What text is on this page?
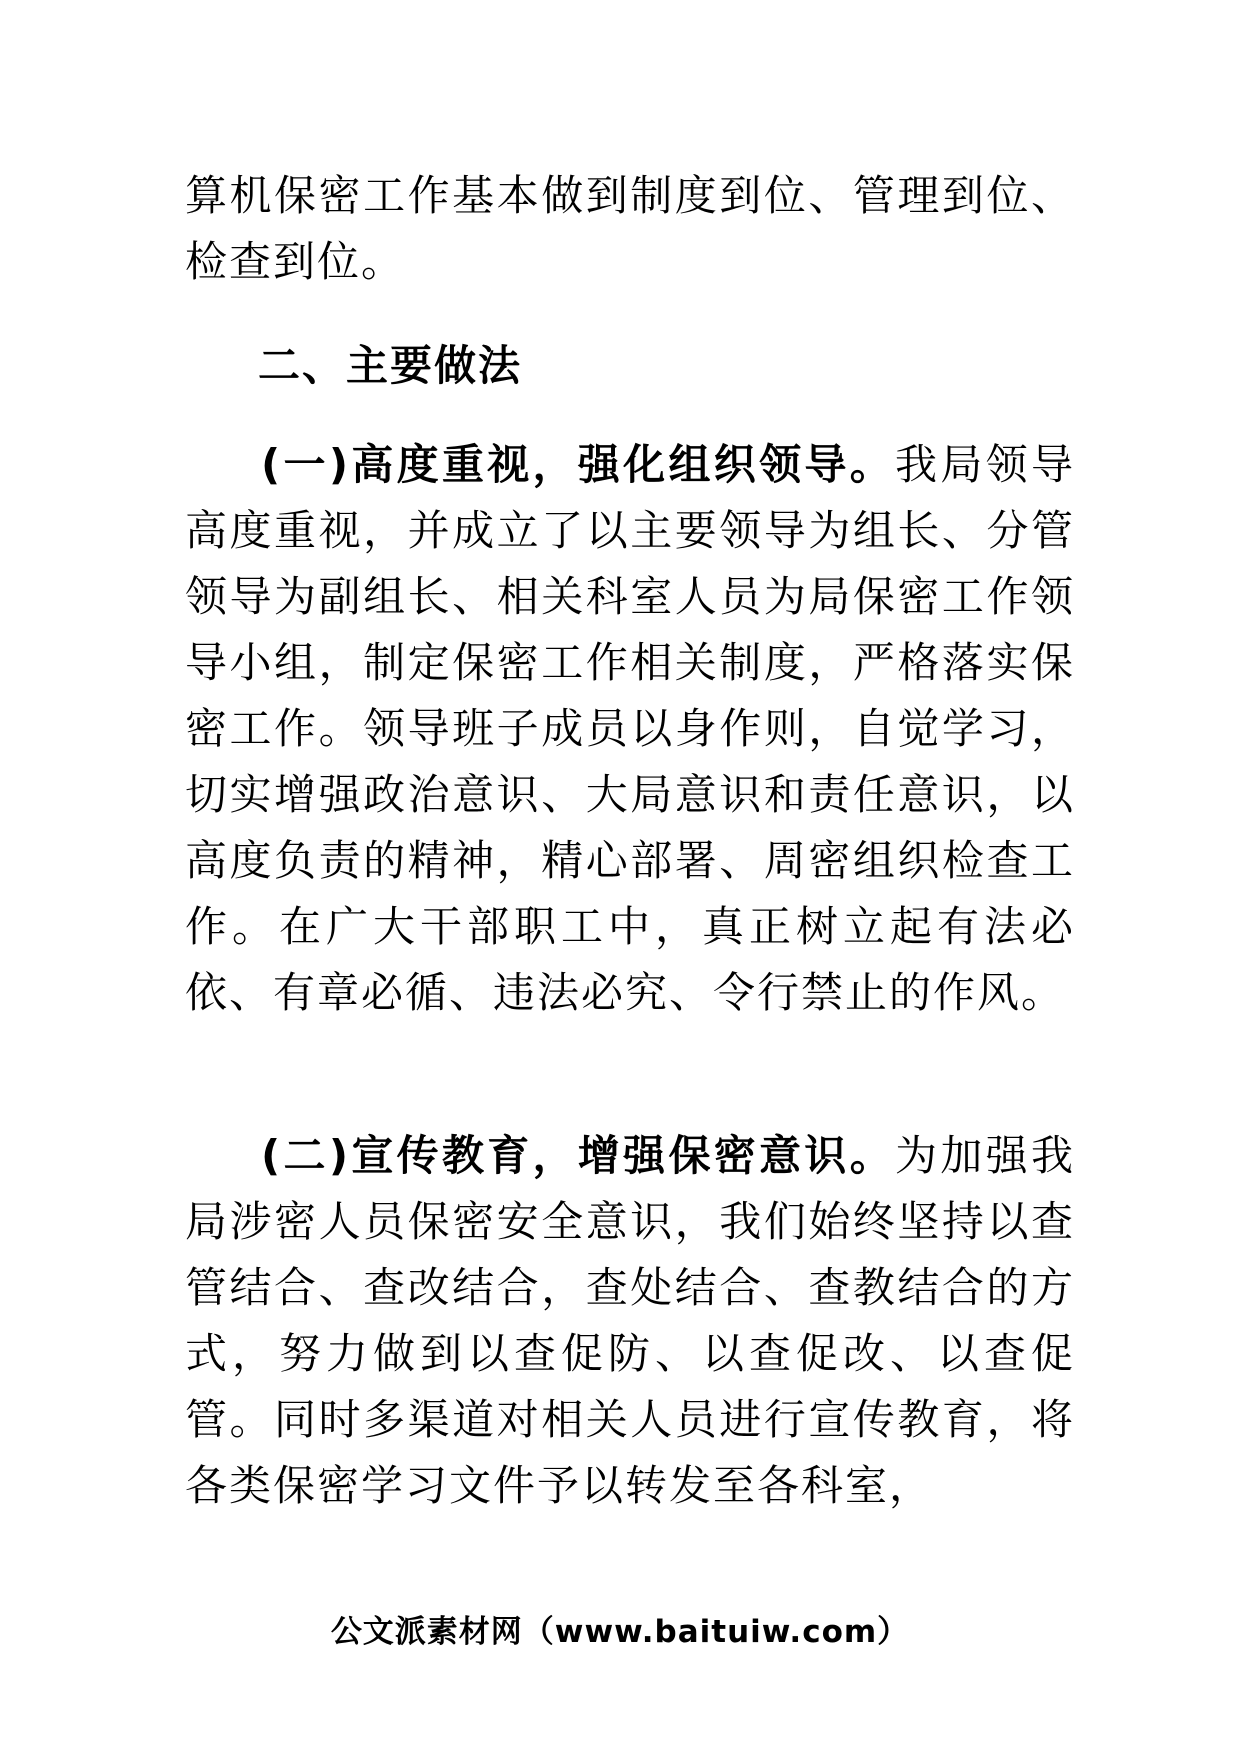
算机保密工作基本做到制度到位、管理到位、检查到位。

二、主要做法

(一)高度重视，强化组织领导。我局领导高度重视，并成立了以主要领导为组长、分管领导为副组长、相关科室人员为局保密工作领导小组，制定保密工作相关制度，严格落实保密工作。领导班子成员以身作则，自觉学习，切实增强政治意识、大局意识和责任意识，以高度负责的精神，精心部署、周密组织检查工作。在广大干部职工中，真正树立起有法必依、有章必循、违法必究、令行禁止的作风。

(二)宣传教育，增强保密意识。为加强我局涉密人员保密安全意识，我们始终坚持以查管结合、查改结合，查处结合、查教结合的方式，努力做到以查促防、以查促改、以查促管。同时多渠道对相关人员进行宣传教育，将各类保密学习文件予以转发至各科室，

公文派素材网（www.baituiw.com）
